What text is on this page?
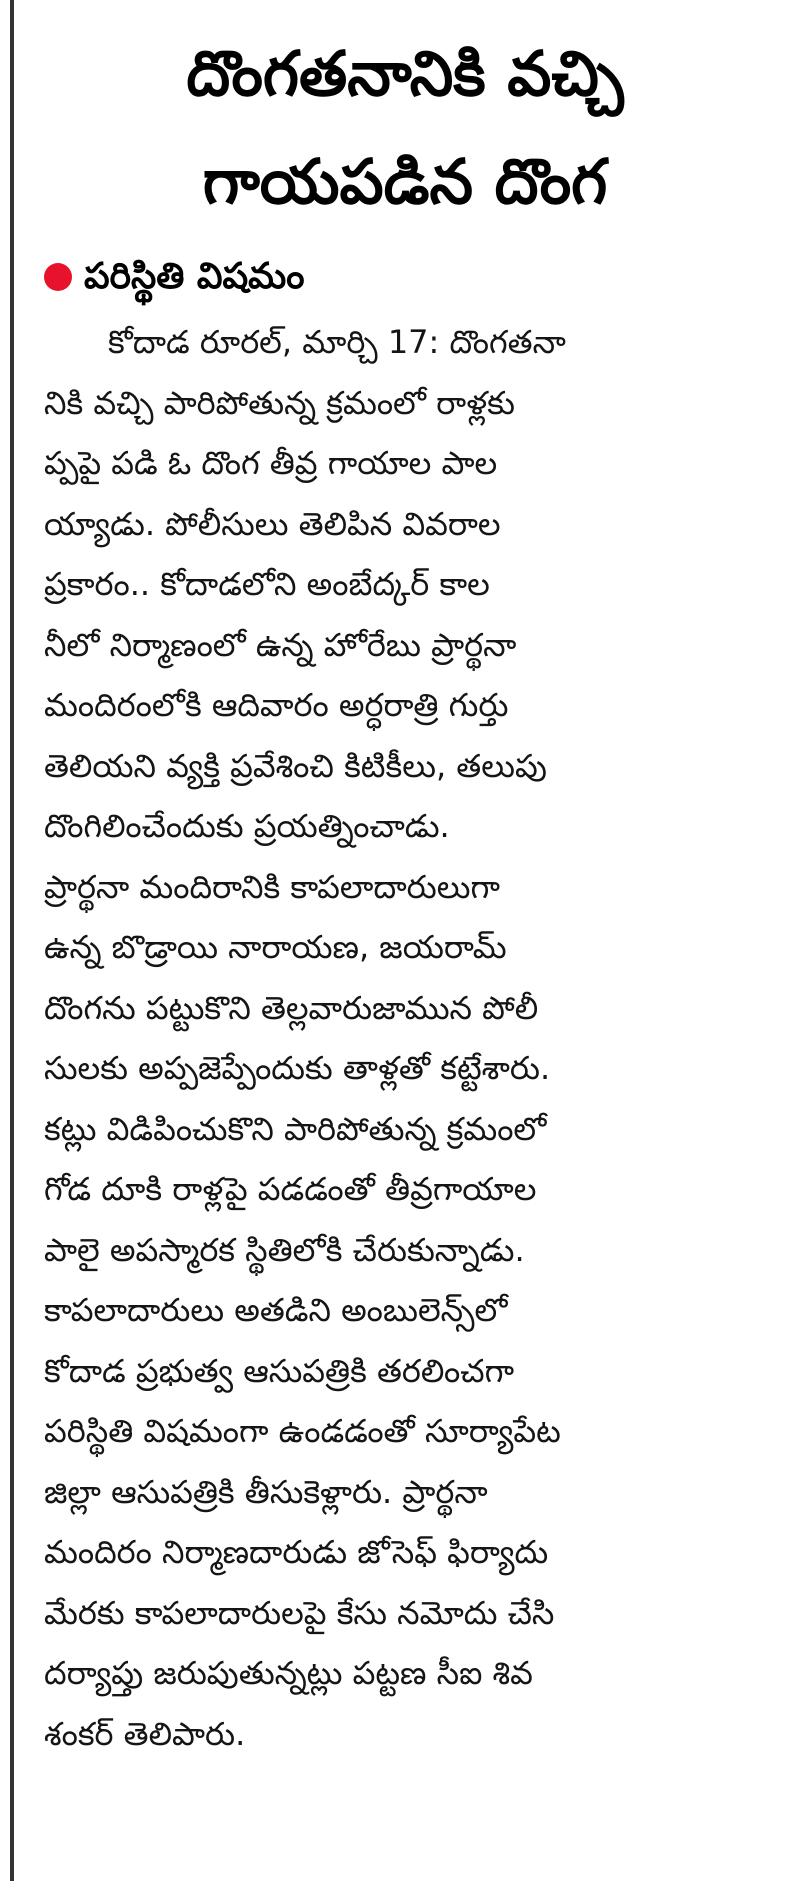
దొంగతనానికి వచ్చి
గాయపడిన దొంగ
పరిస్థితి విషమం
కోదాడ రూరల్, మార్చి 17: దొంగతనా
నికి వచ్చి పారిపోతున్న క్రమంలో రాళ్లకు
ప్పపై పడి ఓ దొంగ తీవ్ర గాయాల పాల
య్యాడు. పోలీసులు తెలిపిన వివరాల
ప్రకారం.. కోదాడలోని అంబేద్కర్ కాల
నీలో నిర్మాణంలో ఉన్న హోరేబు ప్రార్థనా
మందిరంలోకి ఆదివారం అర్ధరాత్రి గుర్తు
తెలియని వ్యక్తి ప్రవేశించి కిటికీలు, తలుపు
దొంగిలించేందుకు ప్రయత్నించాడు.
ప్రార్థనా మందిరానికి కాపలాదారులుగా
ఉన్న బొడ్రాయి నారాయణ, జయరామ్
దొంగను పట్టుకొని తెల్లవారుజామున పోలీ
సులకు అప్పజెప్పేందుకు తాళ్లతో కట్టేశారు.
కట్లు విడిపించుకొని పారిపోతున్న క్రమంలో
గోడ దూకి రాళ్లపై పడడంతో తీవ్రగాయాల
పాలై అపస్మారక స్థితిలోకి చేరుకున్నాడు.
కాపలాదారులు అతడిని అంబులెన్స్‌లో
కోదాడ ప్రభుత్వ ఆసుపత్రికి తరలించగా
పరిస్థితి విషమంగా ఉండడంతో సూర్యాపేట
జిల్లా ఆసుపత్రికి తీసుకెళ్లారు. ప్రార్థనా
మందిరం నిర్మాణదారుడు జోసెఫ్ ఫిర్యాదు
మేరకు కాపలాదారులపై కేసు నమోదు చేసి
దర్యాప్తు జరుపుతున్నట్లు పట్టణ సీఐ శివ
శంకర్ తెలిపారు.
